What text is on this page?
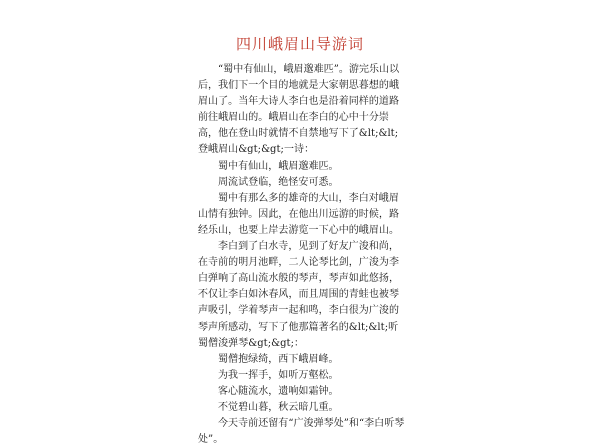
四川峨眉山导游词

“蜀中有仙山，峨眉邈难匹”。游完乐山以后，我们下一个目的地就是大家朝思暮想的峨眉山了。当年大诗人李白也是沿着同样的道路前往峨眉山的。峨眉山在李白的心中十分崇高，他在登山时就情不自禁地写下了&lt;&lt;登峨眉山&gt;&gt;一诗：

蜀中有仙山，峨眉邈难匹。

周流试登临，绝怪安可悉。

蜀中有那么多的雄奇的大山，李白对峨眉山情有独钟。因此，在他出川远游的时候，路经乐山，也要上岸去游览一下心中的峨眉山。

李白到了白水寺，见到了好友广浚和尚，在寺前的明月池畔，二人论琴比剑，广浚为李白弹响了高山流水般的琴声，琴声如此悠扬，不仅让李白如沐春风，而且周围的青蛙也被琴声吸引，学着琴声一起和鸣，李白很为广浚的琴声所感动，写下了他那篇著名的&lt;&lt;听蜀僧浚弹琴&gt;&gt;：

蜀僧抱绿绮，西下峨眉峰。

为我一挥手，如听万壑松。

客心随流水，遗响如霜钟。

不觉碧山暮，秋云暗几重。

今天寺前还留有“广浚弹琴处”和“李白听琴处”。
